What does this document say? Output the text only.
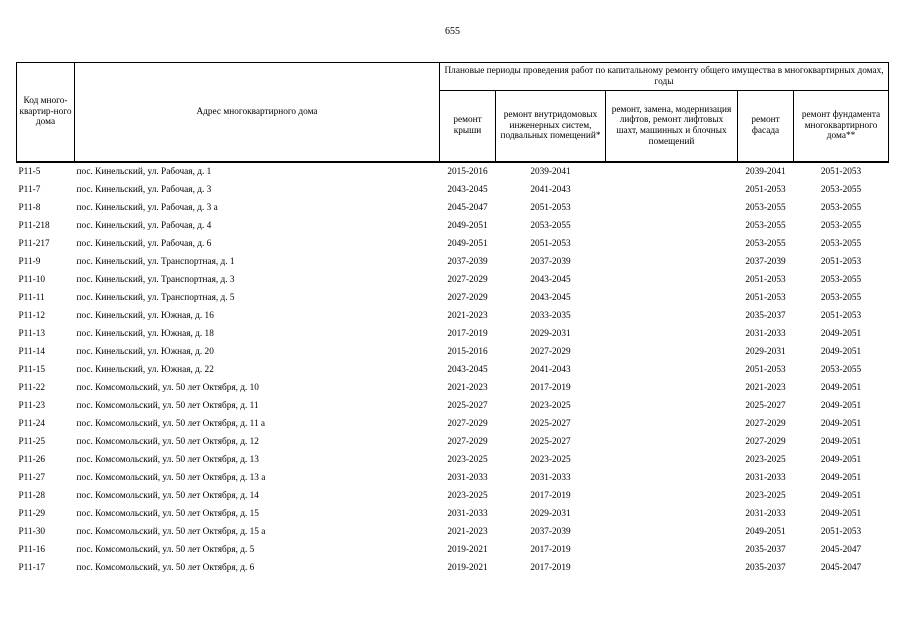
655
Код много-квартир-ного дома	Адрес многоквартирного дома	Плановые периоды проведения работ по капитальному ремонту общего имущества в многоквартирных домах, годы				
		ремонт крыши	ремонт внутридомовых инженерных систем, подвальных помещений*	ремонт, замена, модернизация лифтов, ремонт лифтовых шахт, машинных и блочных помещений	ремонт фасада	ремонт фундамента многоквартирного дома**
P11-5	пос. Кинельский, ул. Рабочая, д. 1	2015-2016	2039-2041		2039-2041	2051-2053
P11-7	пос. Кинельский, ул. Рабочая, д. 3	2043-2045	2041-2043		2051-2053	2053-2055
P11-8	пос. Кинельский, ул. Рабочая, д. 3 а	2045-2047	2051-2053		2053-2055	2053-2055
P11-218	пос. Кинельский, ул. Рабочая, д. 4	2049-2051	2053-2055		2053-2055	2053-2055
P11-217	пос. Кинельский, ул. Рабочая, д. 6	2049-2051	2051-2053		2053-2055	2053-2055
P11-9	пос. Кинельский, ул. Транспортная, д. 1	2037-2039	2037-2039		2037-2039	2051-2053
P11-10	пос. Кинельский, ул. Транспортная, д. 3	2027-2029	2043-2045		2051-2053	2053-2055
P11-11	пос. Кинельский, ул. Транспортная, д. 5	2027-2029	2043-2045		2051-2053	2053-2055
P11-12	пос. Кинельский, ул. Южная, д. 16	2021-2023	2033-2035		2035-2037	2051-2053
P11-13	пос. Кинельский, ул. Южная, д. 18	2017-2019	2029-2031		2031-2033	2049-2051
P11-14	пос. Кинельский, ул. Южная, д. 20	2015-2016	2027-2029		2029-2031	2049-2051
P11-15	пос. Кинельский, ул. Южная, д. 22	2043-2045	2041-2043		2051-2053	2053-2055
P11-22	пос. Комсомольский, ул. 50 лет Октября, д. 10	2021-2023	2017-2019		2021-2023	2049-2051
P11-23	пос. Комсомольский, ул. 50 лет Октября, д. 11	2025-2027	2023-2025		2025-2027	2049-2051
P11-24	пос. Комсомольский, ул. 50 лет Октября, д. 11 а	2027-2029	2025-2027		2027-2029	2049-2051
P11-25	пос. Комсомольский, ул. 50 лет Октября, д. 12	2027-2029	2025-2027		2027-2029	2049-2051
P11-26	пос. Комсомольский, ул. 50 лет Октября, д. 13	2023-2025	2023-2025		2023-2025	2049-2051
P11-27	пос. Комсомольский, ул. 50 лет Октября, д. 13 а	2031-2033	2031-2033		2031-2033	2049-2051
P11-28	пос. Комсомольский, ул. 50 лет Октября, д. 14	2023-2025	2017-2019		2023-2025	2049-2051
P11-29	пос. Комсомольский, ул. 50 лет Октября, д. 15	2031-2033	2029-2031		2031-2033	2049-2051
P11-30	пос. Комсомольский, ул. 50 лет Октября, д. 15 а	2021-2023	2037-2039		2049-2051	2051-2053
P11-16	пос. Комсомольский, ул. 50 лет Октября, д. 5	2019-2021	2017-2019		2035-2037	2045-2047
P11-17	пос. Комсомольский, ул. 50 лет Октября, д. 6	2019-2021	2017-2019		2035-2037	2045-2047
